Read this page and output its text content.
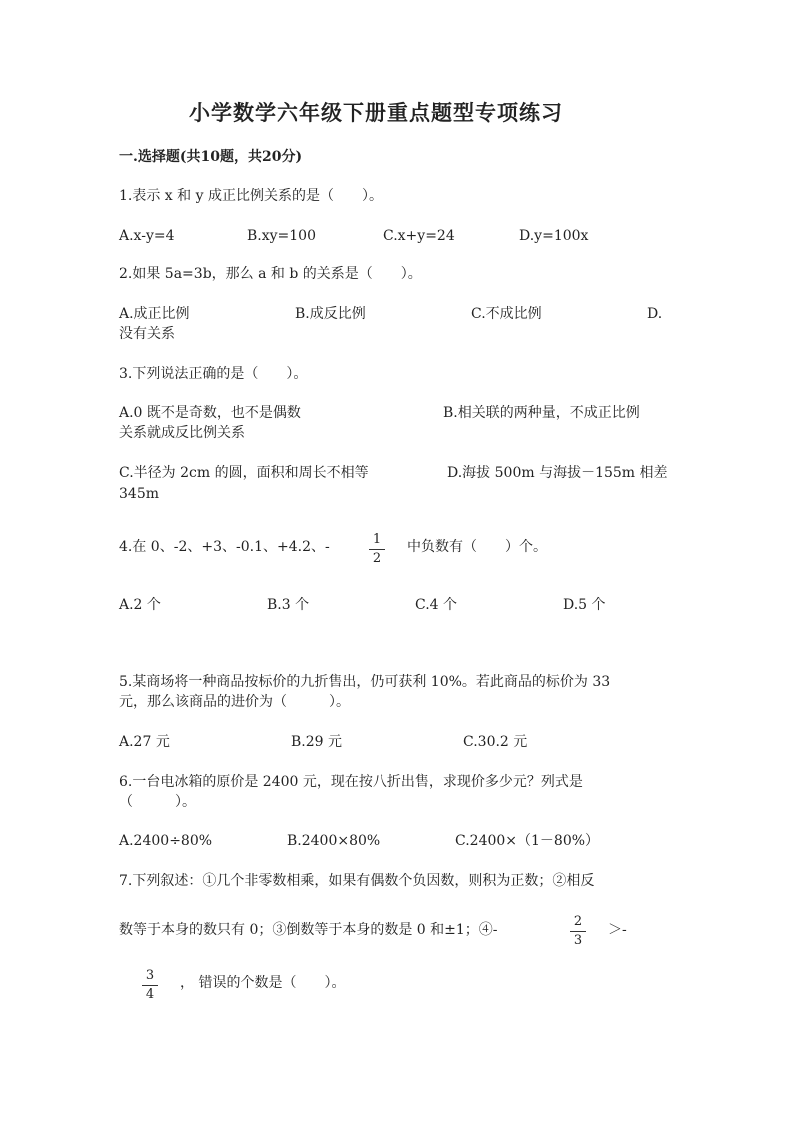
小学数学六年级下册重点题型专项练习
一.选择题(共10题，共20分)
1.表示 x 和 y 成正比例关系的是（　　）。
A.x-y=4	B.xy=100	C.x+y=24	D.y=100x
2.如果 5a=3b，那么 a 和 b 的关系是（　　）。
A.成正比例	B.成反比例	C.不成比例	D.
没有关系
3.下列说法正确的是（　　）。
A.0 既不是奇数，也不是偶数	B.相关联的两种量，不成正比例
关系就成反比例关系
C.半径为 2cm 的圆，面积和周长不相等	D.海拔 500m 与海拔－155m 相差
345m
4.在 0、-2、+3、-0.1、+4.2、-	1
2
中负数有（　　）个。
A.2 个	B.3 个	C.4 个	D.5 个
5.某商场将一种商品按标价的九折售出，仍可获利 10%。若此商品的标价为 33
元，那么该商品的进价为（　　　）。
A.27 元	B.29 元	C.30.2 元
6.一台电冰箱的原价是 2400 元，现在按八折出售，求现价多少元？列式是
（　　　）。
A.2400÷80%	B.2400×80%	C.2400×（1－80%）
7.下列叙述：①几个非零数相乘，如果有偶数个负因数，则积为正数；②相反
数等于本身的数只有 0；③倒数等于本身的数是 0 和±1；④-
2
3
＞-
3
4
， 错误的个数是（　　）。
